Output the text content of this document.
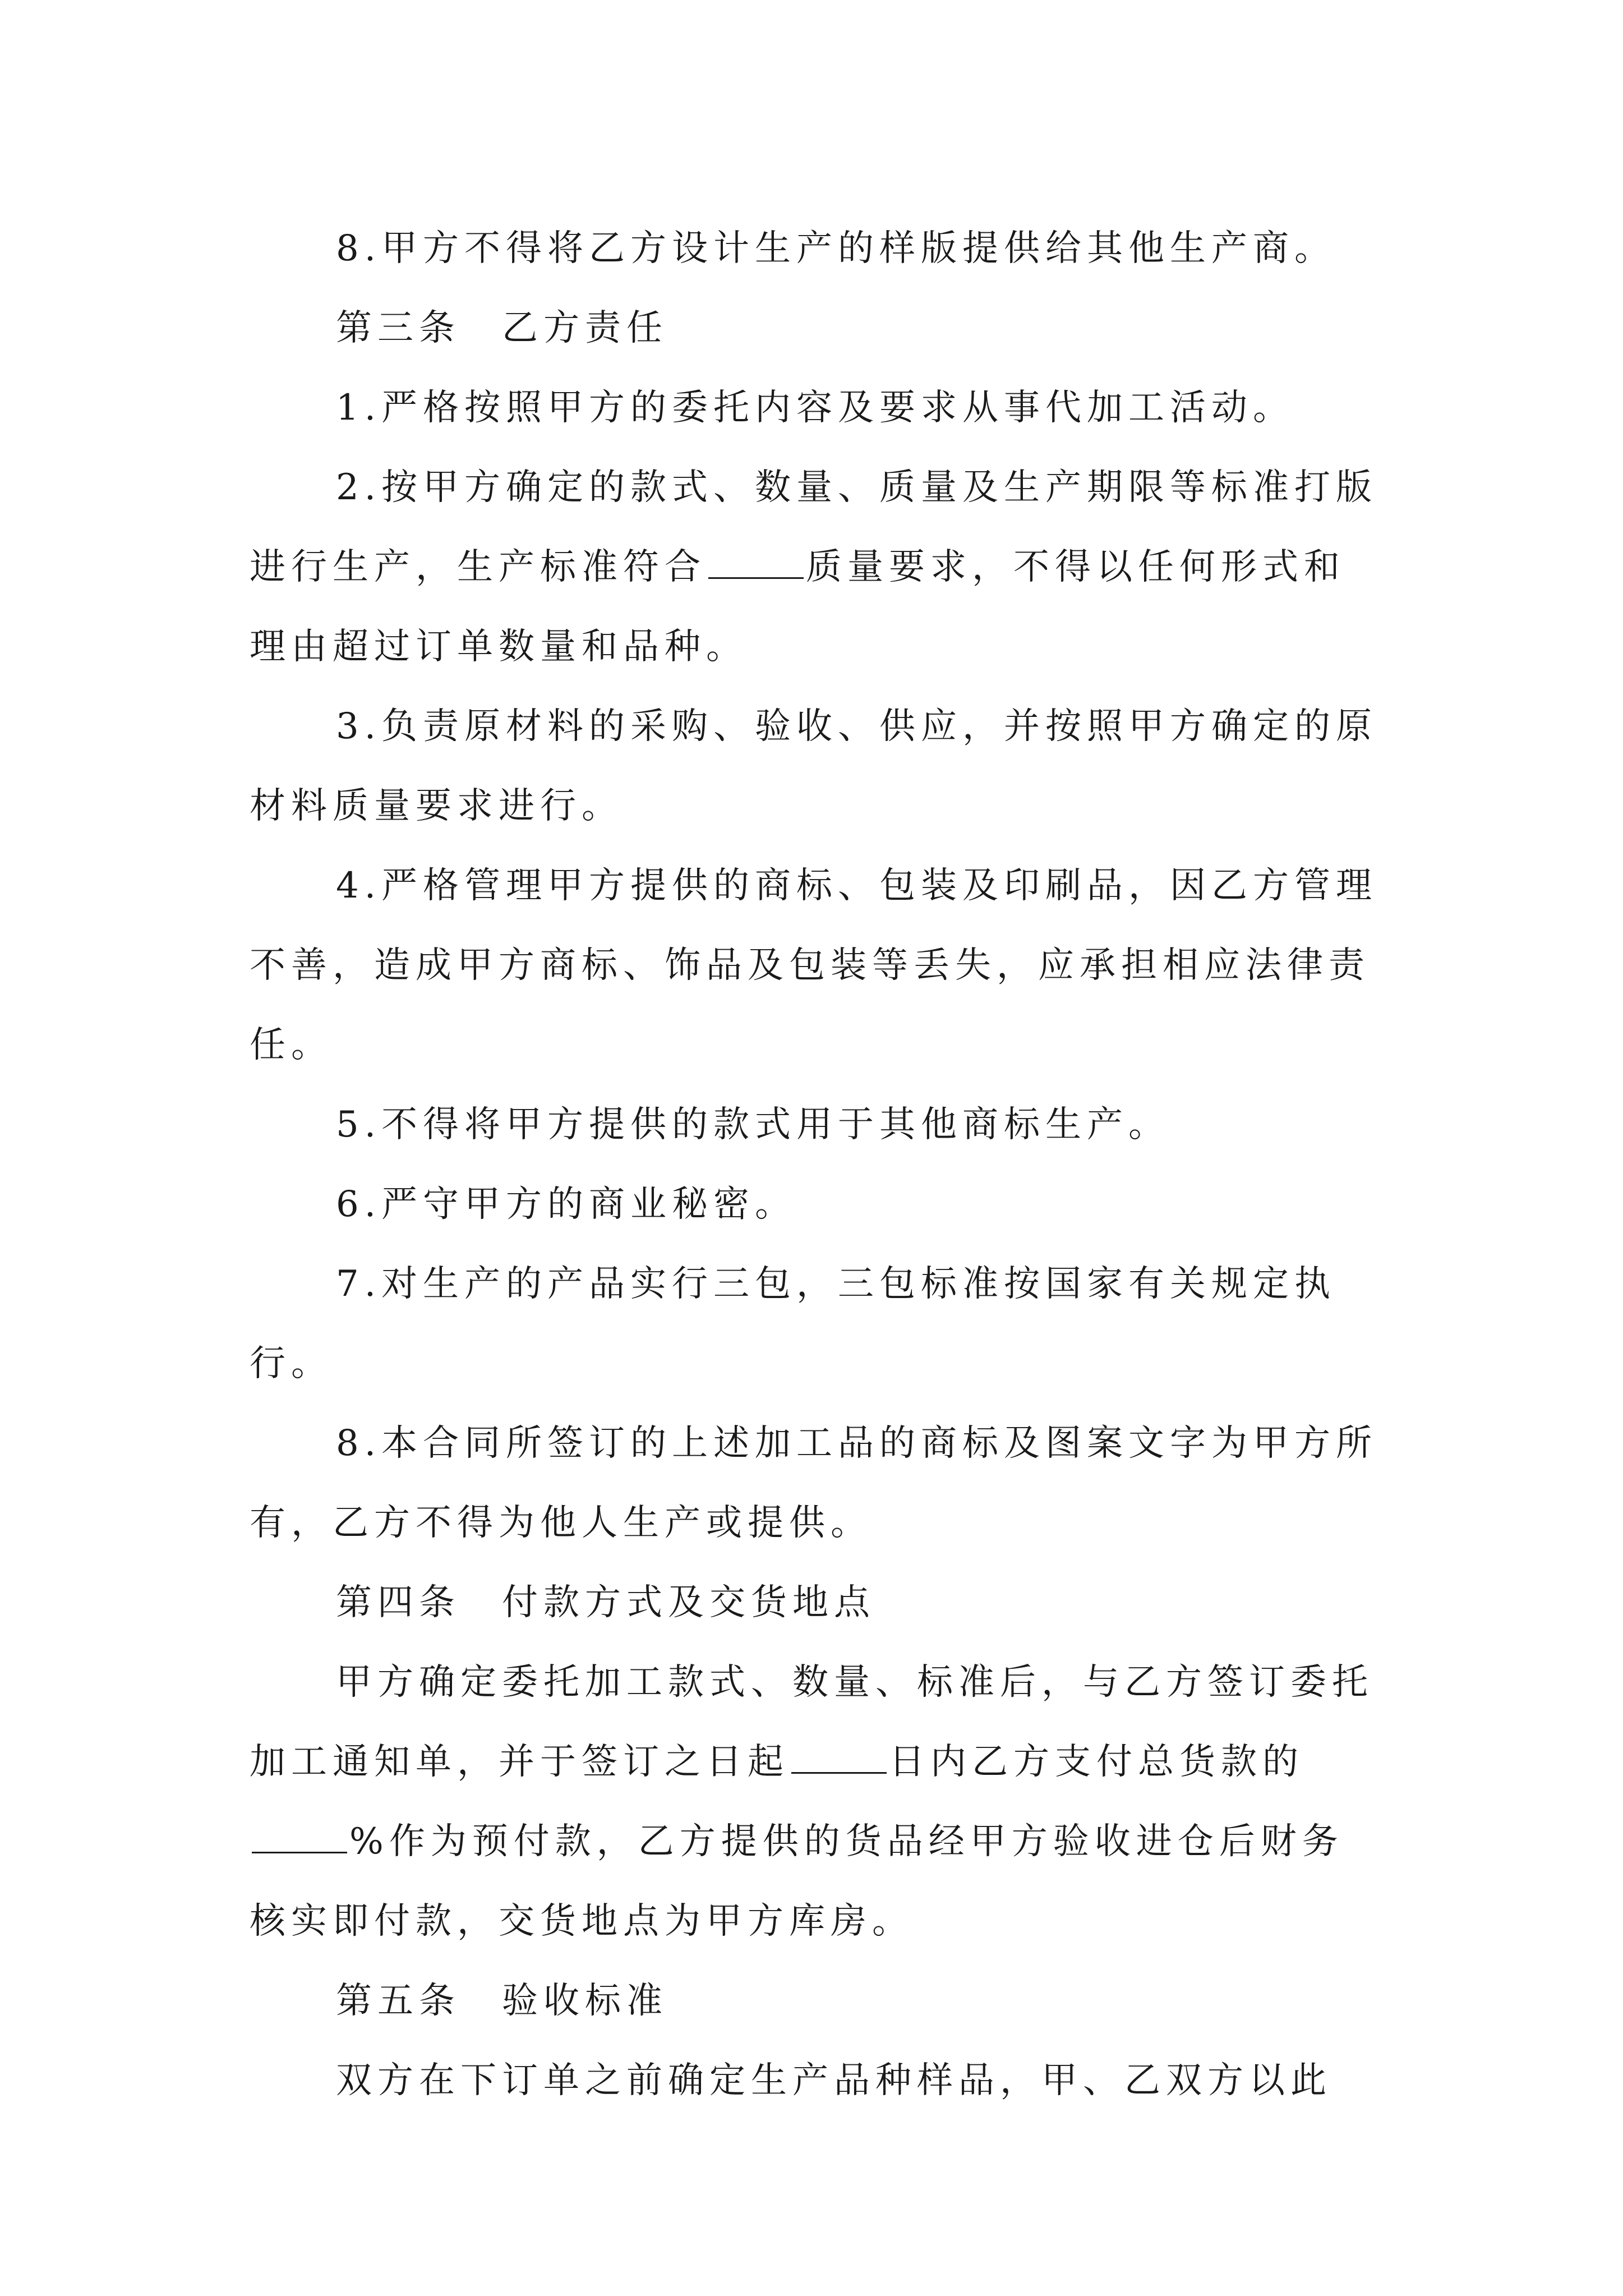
8.甲方不得将乙方设计生产的样版提供给其他生产商。

第三条　乙方责任

1.严格按照甲方的委托内容及要求从事代加工活动。

2.按甲方确定的款式、数量、质量及生产期限等标准打版进行生产，生产标准符合	质量要求，不得以任何形式和理由超过订单数量和品种。

3.负责原材料的采购、验收、供应，并按照甲方确定的原材料质量要求进行。

4.严格管理甲方提供的商标、包装及印刷品，因乙方管理不善，造成甲方商标、饰品及包装等丢失，应承担相应法律责任。

5.不得将甲方提供的款式用于其他商标生产。

6.严守甲方的商业秘密。

7.对生产的产品实行三包，三包标准按国家有关规定执行。

8.本合同所签订的上述加工品的商标及图案文字为甲方所有，乙方不得为他人生产或提供。

第四条　付款方式及交货地点

甲方确定委托加工款式、数量、标准后，与乙方签订委托加工通知单，并于签订之日起	日内乙方支付总货款的%作为预付款，乙方提供的货品经甲方验收进仓后财务核实即付款，交货地点为甲方库房。

第五条　验收标准

双方在下订单之前确定生产品种样品，甲、乙双方以此
